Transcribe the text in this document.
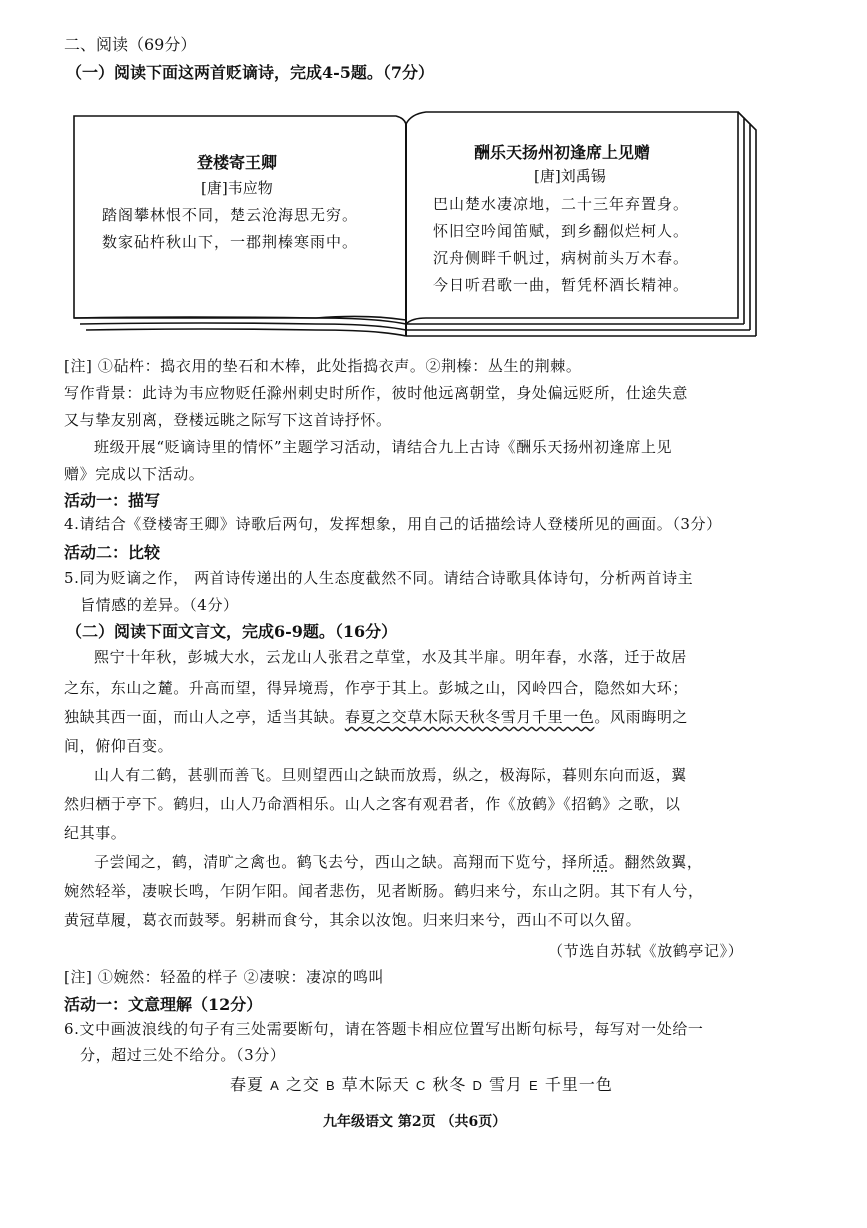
二、阅读（69分）
（一）阅读下面这两首贬谪诗，完成4-5题。（7分）
登楼寄王卿
[唐]韦应物
踏阁攀林恨不同，楚云沧海思无穷。
数家砧杵秋山下，一郡荆榛寒雨中。
酬乐天扬州初逢席上见赠
[唐]刘禹锡
巴山楚水凄凉地，二十三年弃置身。
怀旧空吟闻笛赋，到乡翻似烂柯人。
沉舟侧畔千帆过，病树前头万木春。
今日听君歌一曲，暂凭杯酒长精神。
[注] ①砧杵：捣衣用的垫石和木棒，此处指捣衣声。②荆榛：丛生的荆棘。
写作背景：此诗为韦应物贬任滁州刺史时所作，彼时他远离朝堂，身处偏远贬所，仕途失意
又与挚友别离，登楼远眺之际写下这首诗抒怀。
班级开展“贬谪诗里的情怀”主题学习活动，请结合九上古诗《酬乐天扬州初逢席上见
赠》完成以下活动。
活动一：描写
4.请结合《登楼寄王卿》诗歌后两句，发挥想象，用自己的话描绘诗人登楼所见的画面。（3分）
活动二：比较
5.同为贬谪之作， 两首诗传递出的人生态度截然不同。请结合诗歌具体诗句，分析两首诗主
旨情感的差异。（4分）
（二）阅读下面文言文，完成6-9题。（16分）
熙宁十年秋，彭城大水，云龙山人张君之草堂，水及其半扉。明年春，水落，迁于故居
之东，东山之麓。升高而望，得异境焉，作亭于其上。彭城之山，冈岭四合，隐然如大环；
独缺其西一面，而山人之亭，适当其缺。春夏之交草木际天秋冬雪月千里一色。风雨晦明之
间，俯仰百变。
山人有二鹤，甚驯而善飞。旦则望西山之缺而放焉，纵之，极海际，暮则东向而返，翼
然归栖于亭下。鹤归，山人乃命酒相乐。山人之客有观君者，作《放鹤》《招鹤》之歌，以
纪其事。
子尝闻之，鹤，清旷之禽也。鹤飞去兮，西山之缺。高翔而下览兮，择所适。翻然敛翼，
婉然轻举，凄唳长鸣，乍阴乍阳。闻者悲伤，见者断肠。鹤归来兮，东山之阴。其下有人兮，
黄冠草履，葛衣而鼓琴。躬耕而食兮，其余以汝饱。归来归来兮，西山不可以久留。
（节选自苏轼《放鹤亭记》）
[注] ①婉然：轻盈的样子 ②凄唳：凄凉的鸣叫
活动一：文意理解（12分）
6.文中画波浪线的句子有三处需要断句，请在答题卡相应位置写出断句标号，每写对一处给一
分，超过三处不给分。（3分）
春夏 A 之交 B 草木际天 C 秋冬 D 雪月 E 千里一色
九年级语文 第2页 （共6页）
